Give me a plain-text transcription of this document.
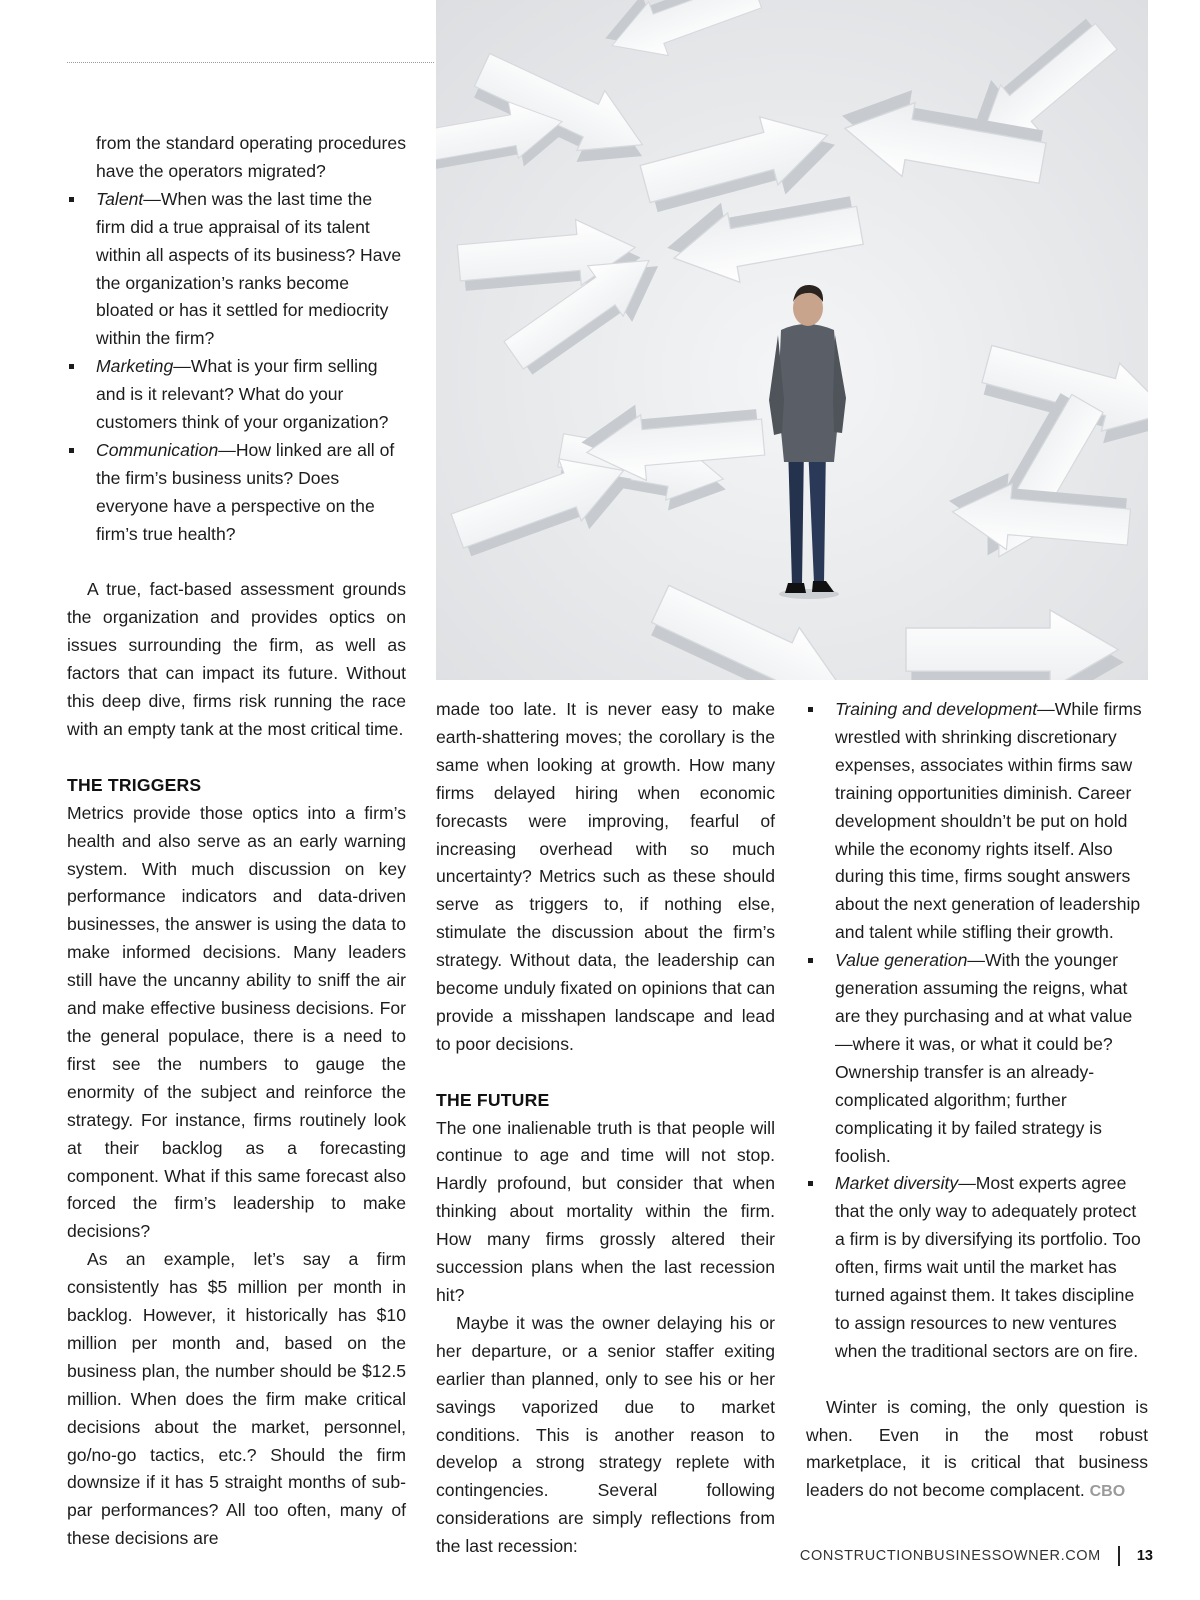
from the standard operating procedures have the operators migrated?

Talent—When was the last time the firm did a true appraisal of its talent within all aspects of its business? Have the organization’s ranks become bloated or has it settled for mediocrity within the firm?
Marketing—What is your firm selling and is it relevant? What do your customers think of your organization?
Communication—How linked are all of the firm’s business units? Does everyone have a perspective on the firm’s true health?

A true, fact-based assessment grounds the organization and provides optics on issues surrounding the firm, as well as factors that can impact its future. Without this deep dive, firms risk running the race with an empty tank at the most critical time.

THE TRIGGERS

Metrics provide those optics into a firm’s health and also serve as an early warning system. With much discussion on key performance indicators and data-driven businesses, the answer is using the data to make informed decisions. Many leaders still have the uncanny ability to sniff the air and make effective business decisions. For the general populace, there is a need to first see the numbers to gauge the enormity of the subject and reinforce the strategy. For instance, firms routinely look at their backlog as a forecasting component. What if this same forecast also forced the firm’s leadership to make decisions?

As an example, let’s say a firm consistently has $5 million per month in backlog. However, it historically has $10 million per month and, based on the business plan, the number should be $12.5 million. When does the firm make critical decisions about the market, personnel, go/no-go tactics, etc.? Should the firm downsize if it has 5 straight months of sub-par performances? All too often, many of these decisions are

made too late. It is never easy to make earth-shattering moves; the corollary is the same when looking at growth. How many firms delayed hiring when economic forecasts were improving, fearful of increasing overhead with so much uncertainty? Metrics such as these should serve as triggers to, if nothing else, stimulate the discussion about the firm’s strategy. Without data, the leadership can become unduly fixated on opinions that can provide a misshapen landscape and lead to poor decisions.

THE FUTURE

The one inalienable truth is that people will continue to age and time will not stop. Hardly profound, but consider that when thinking about mortality within the firm. How many firms grossly altered their succession plans when the last recession hit?

Maybe it was the owner delaying his or her departure, or a senior staffer exiting earlier than planned, only to see his or her savings vaporized due to market conditions. This is another reason to develop a strong strategy replete with contingencies. Several following considerations are simply reflections from the last recession:

Training and development—While firms wrestled with shrinking discretionary expenses, associates within firms saw training opportunities diminish. Career development shouldn’t be put on hold while the economy rights itself. Also during this time, firms sought answers about the next generation of leadership and talent while stifling their growth.
Value generation—With the younger generation assuming the reigns, what are they purchasing and at what value—where it was, or what it could be? Ownership transfer is an already-complicated algorithm; further complicating it by failed strategy is foolish.
Market diversity—Most experts agree that the only way to adequately protect a firm is by diversifying its portfolio. Too often, firms wait until the market has turned against them. It takes discipline to assign resources to new ventures when the traditional sectors are on fire.

Winter is coming, the only question is when. Even in the most robust marketplace, it is critical that business leaders do not become complacent. CBO

CONSTRUCTIONBUSINESSOWNER.COM 13
